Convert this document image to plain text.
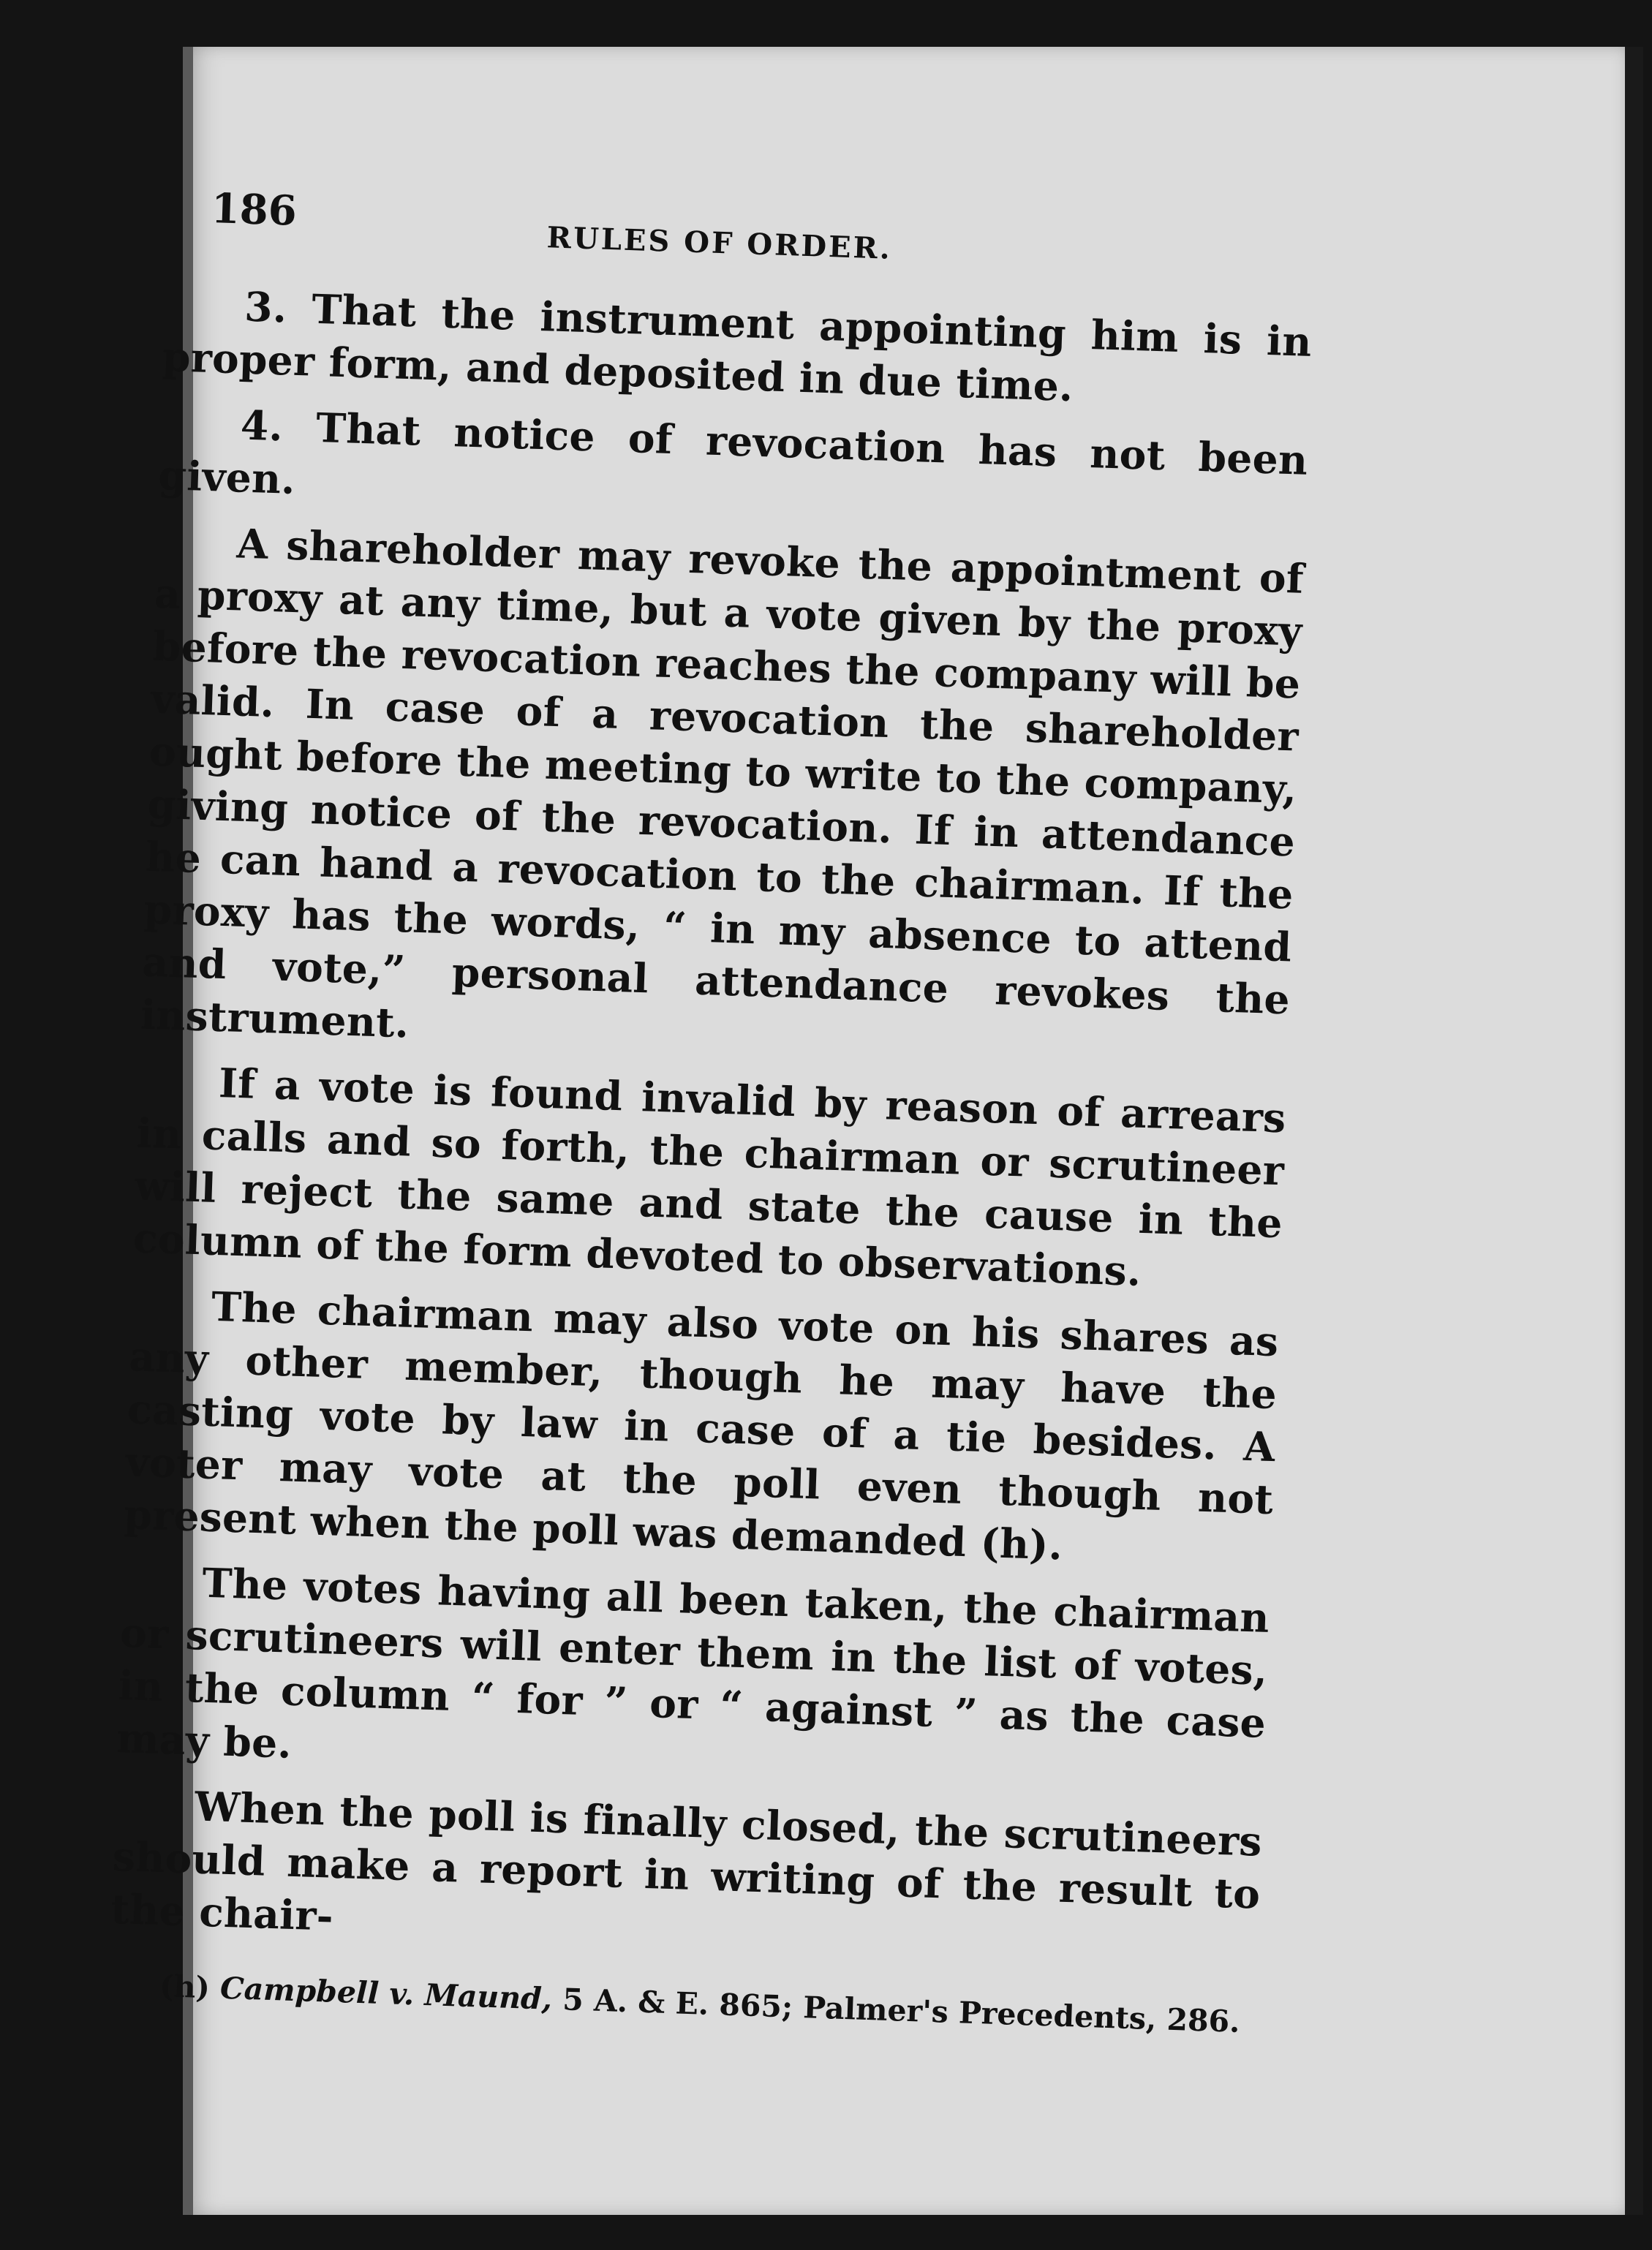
186
RULES OF ORDER.

3. That the instrument appointing him is in proper form, and deposited in due time.

4. That notice of revocation has not been given.

A shareholder may revoke the appointment of a proxy at any time, but a vote given by the proxy before the revocation reaches the company will be valid. In case of a revocation the shareholder ought before the meeting to write to the company, giving notice of the revocation. If in attendance he can hand a revocation to the chairman. If the proxy has the words, “ in my absence to attend and vote,” personal attendance revokes the instrument.

If a vote is found invalid by reason of arrears in calls and so forth, the chairman or scrutineer will reject the same and state the cause in the column of the form devoted to observations.

The chairman may also vote on his shares as any other member, though he may have the casting vote by law in case of a tie besides. A voter may vote at the poll even though not present when the poll was demanded (h).

The votes having all been taken, the chairman or scrutineers will enter them in the list of votes, in the column “ for ” or “ against ” as the case may be.

When the poll is finally closed, the scrutineers should make a report in writing of the result to the chair-

(h) Campbell v. Maund, 5 A. & E. 865; Palmer's Precedents, 286.
